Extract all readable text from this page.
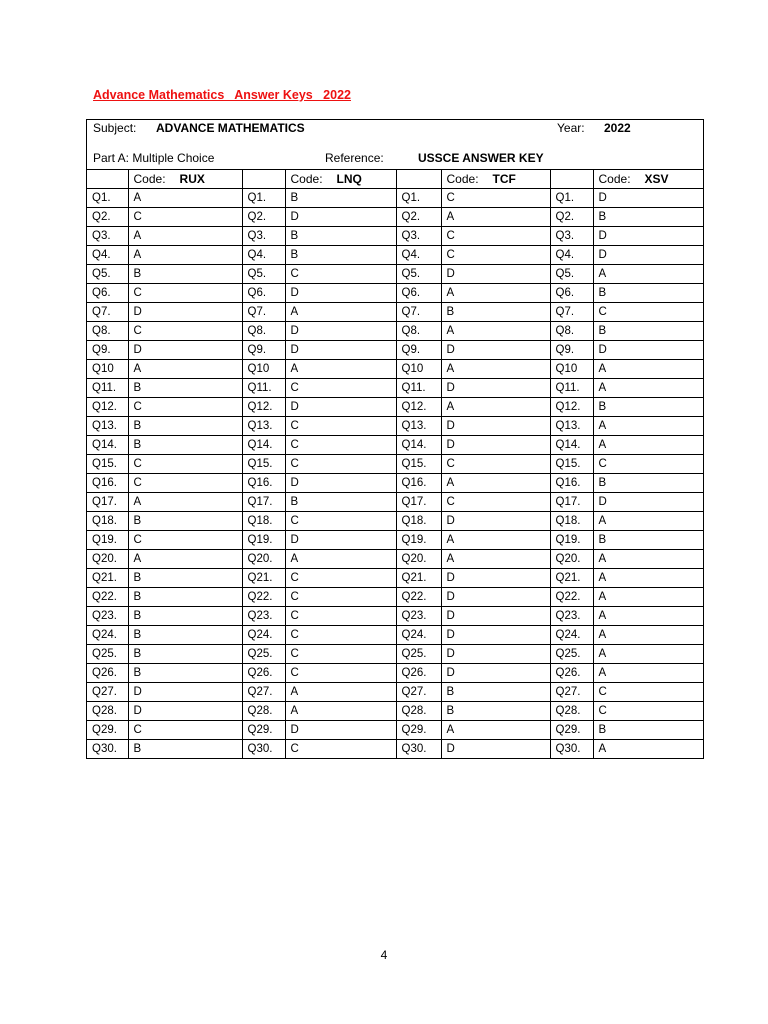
Advance Mathematics   Answer Keys   2022
Subject: ADVANCE MATHEMATICS	Year: 2022
Part A: Multiple Choice	Reference:	USSCE ANSWER KEY
	Code: RUX		Code: LNQ		Code: TCF		Code: XSV
Q1.	A	Q1.	B	Q1.	C	Q1.	D
Q2.	C	Q2.	D	Q2.	A	Q2.	B
Q3.	A	Q3.	B	Q3.	C	Q3.	D
Q4.	A	Q4.	B	Q4.	C	Q4.	D
Q5.	B	Q5.	C	Q5.	D	Q5.	A
Q6.	C	Q6.	D	Q6.	A	Q6.	B
Q7.	D	Q7.	A	Q7.	B	Q7.	C
Q8.	C	Q8.	D	Q8.	A	Q8.	B
Q9.	D	Q9.	D	Q9.	D	Q9.	D
Q10	A	Q10	A	Q10	A	Q10	A
Q11.	B	Q11.	C	Q11.	D	Q11.	A
Q12.	C	Q12.	D	Q12.	A	Q12.	B
Q13.	B	Q13.	C	Q13.	D	Q13.	A
Q14.	B	Q14.	C	Q14.	D	Q14.	A
Q15.	C	Q15.	C	Q15.	C	Q15.	C
Q16.	C	Q16.	D	Q16.	A	Q16.	B
Q17.	A	Q17.	B	Q17.	C	Q17.	D
Q18.	B	Q18.	C	Q18.	D	Q18.	A
Q19.	C	Q19.	D	Q19.	A	Q19.	B
Q20.	A	Q20.	A	Q20.	A	Q20.	A
Q21.	B	Q21.	C	Q21.	D	Q21.	A
Q22.	B	Q22.	C	Q22.	D	Q22.	A
Q23.	B	Q23.	C	Q23.	D	Q23.	A
Q24.	B	Q24.	C	Q24.	D	Q24.	A
Q25.	B	Q25.	C	Q25.	D	Q25.	A
Q26.	B	Q26.	C	Q26.	D	Q26.	A
Q27.	D	Q27.	A	Q27.	B	Q27.	C
Q28.	D	Q28.	A	Q28.	B	Q28.	C
Q29.	C	Q29.	D	Q29.	A	Q29.	B
Q30.	B	Q30.	C	Q30.	D	Q30.	A
4
